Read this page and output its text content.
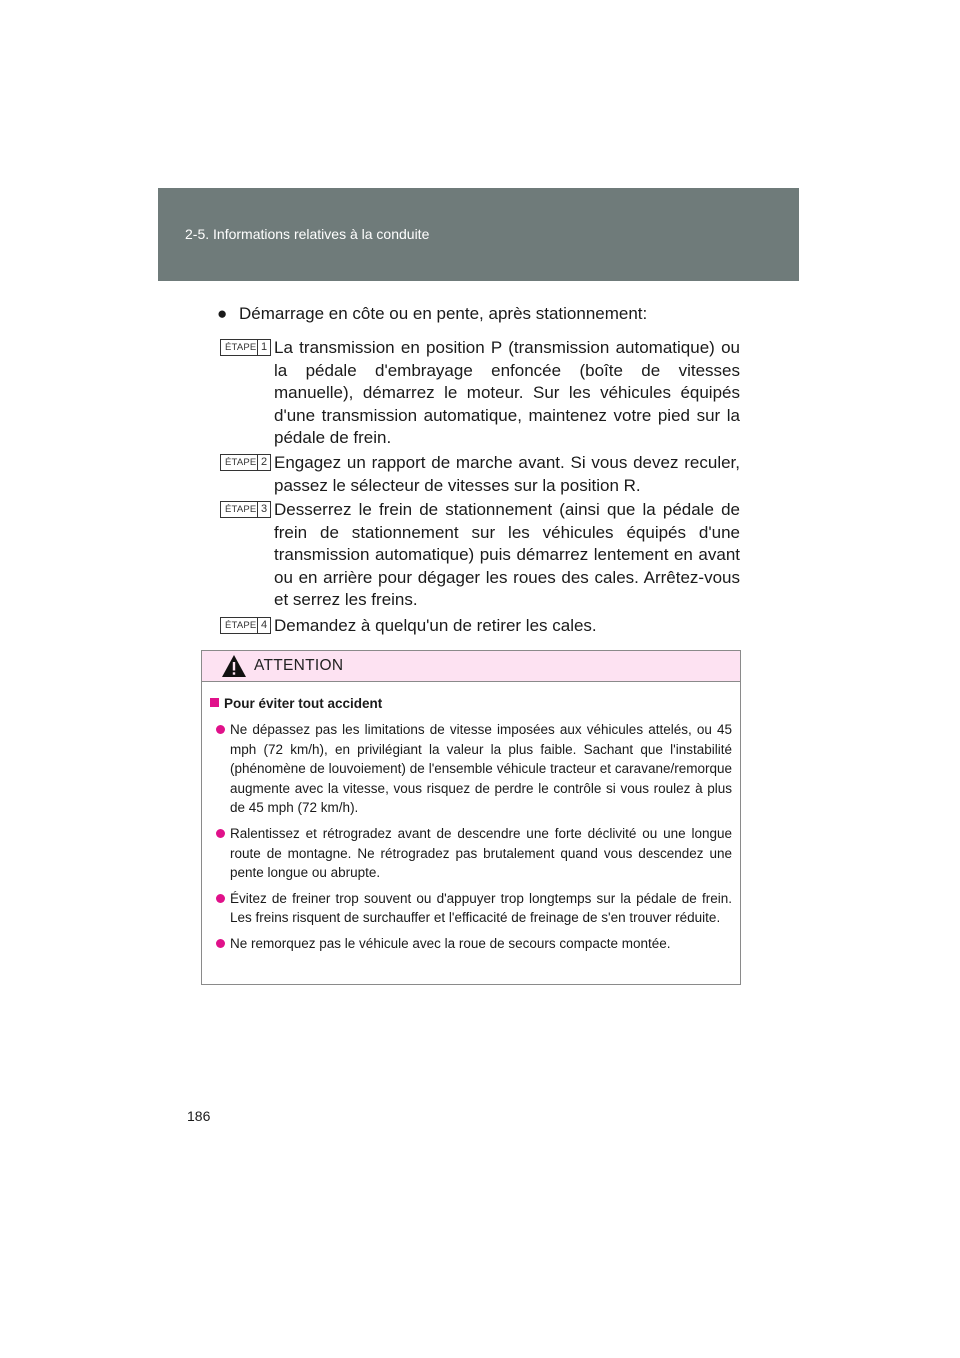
2-5. Informations relatives à la conduite
● Démarrage en côte ou en pente, après stationnement:
ÉTAPE 1 La transmission en position P (transmission automatique) ou la pédale d'embrayage enfoncée (boîte de vitesses manuelle), démarrez le moteur. Sur les véhicules équipés d'une transmission automatique, maintenez votre pied sur la pédale de frein.
ÉTAPE 2 Engagez un rapport de marche avant. Si vous devez reculer, passez le sélecteur de vitesses sur la position R.
ÉTAPE 3 Desserrez le frein de stationnement (ainsi que la pédale de frein de stationnement sur les véhicules équipés d'une transmission automatique) puis démarrez lentement en avant ou en arrière pour dégager les roues des cales. Arrêtez-vous et serrez les freins.
ÉTAPE 4 Demandez à quelqu'un de retirer les cales.
ATTENTION
Pour éviter tout accident
Ne dépassez pas les limitations de vitesse imposées aux véhicules attelés, ou 45 mph (72 km/h), en privilégiant la valeur la plus faible. Sachant que l'instabilité (phénomène de louvoiement) de l'ensemble véhicule tracteur et caravane/remorque augmente avec la vitesse, vous risquez de perdre le contrôle si vous roulez à plus de 45 mph (72 km/h).
Ralentissez et rétrogradez avant de descendre une forte déclivité ou une longue route de montagne. Ne rétrogradez pas brutalement quand vous descendez une pente longue ou abrupte.
Évitez de freiner trop souvent ou d'appuyer trop longtemps sur la pédale de frein. Les freins risquent de surchauffer et l'efficacité de freinage de s'en trouver réduite.
Ne remorquez pas le véhicule avec la roue de secours compacte montée.
186
